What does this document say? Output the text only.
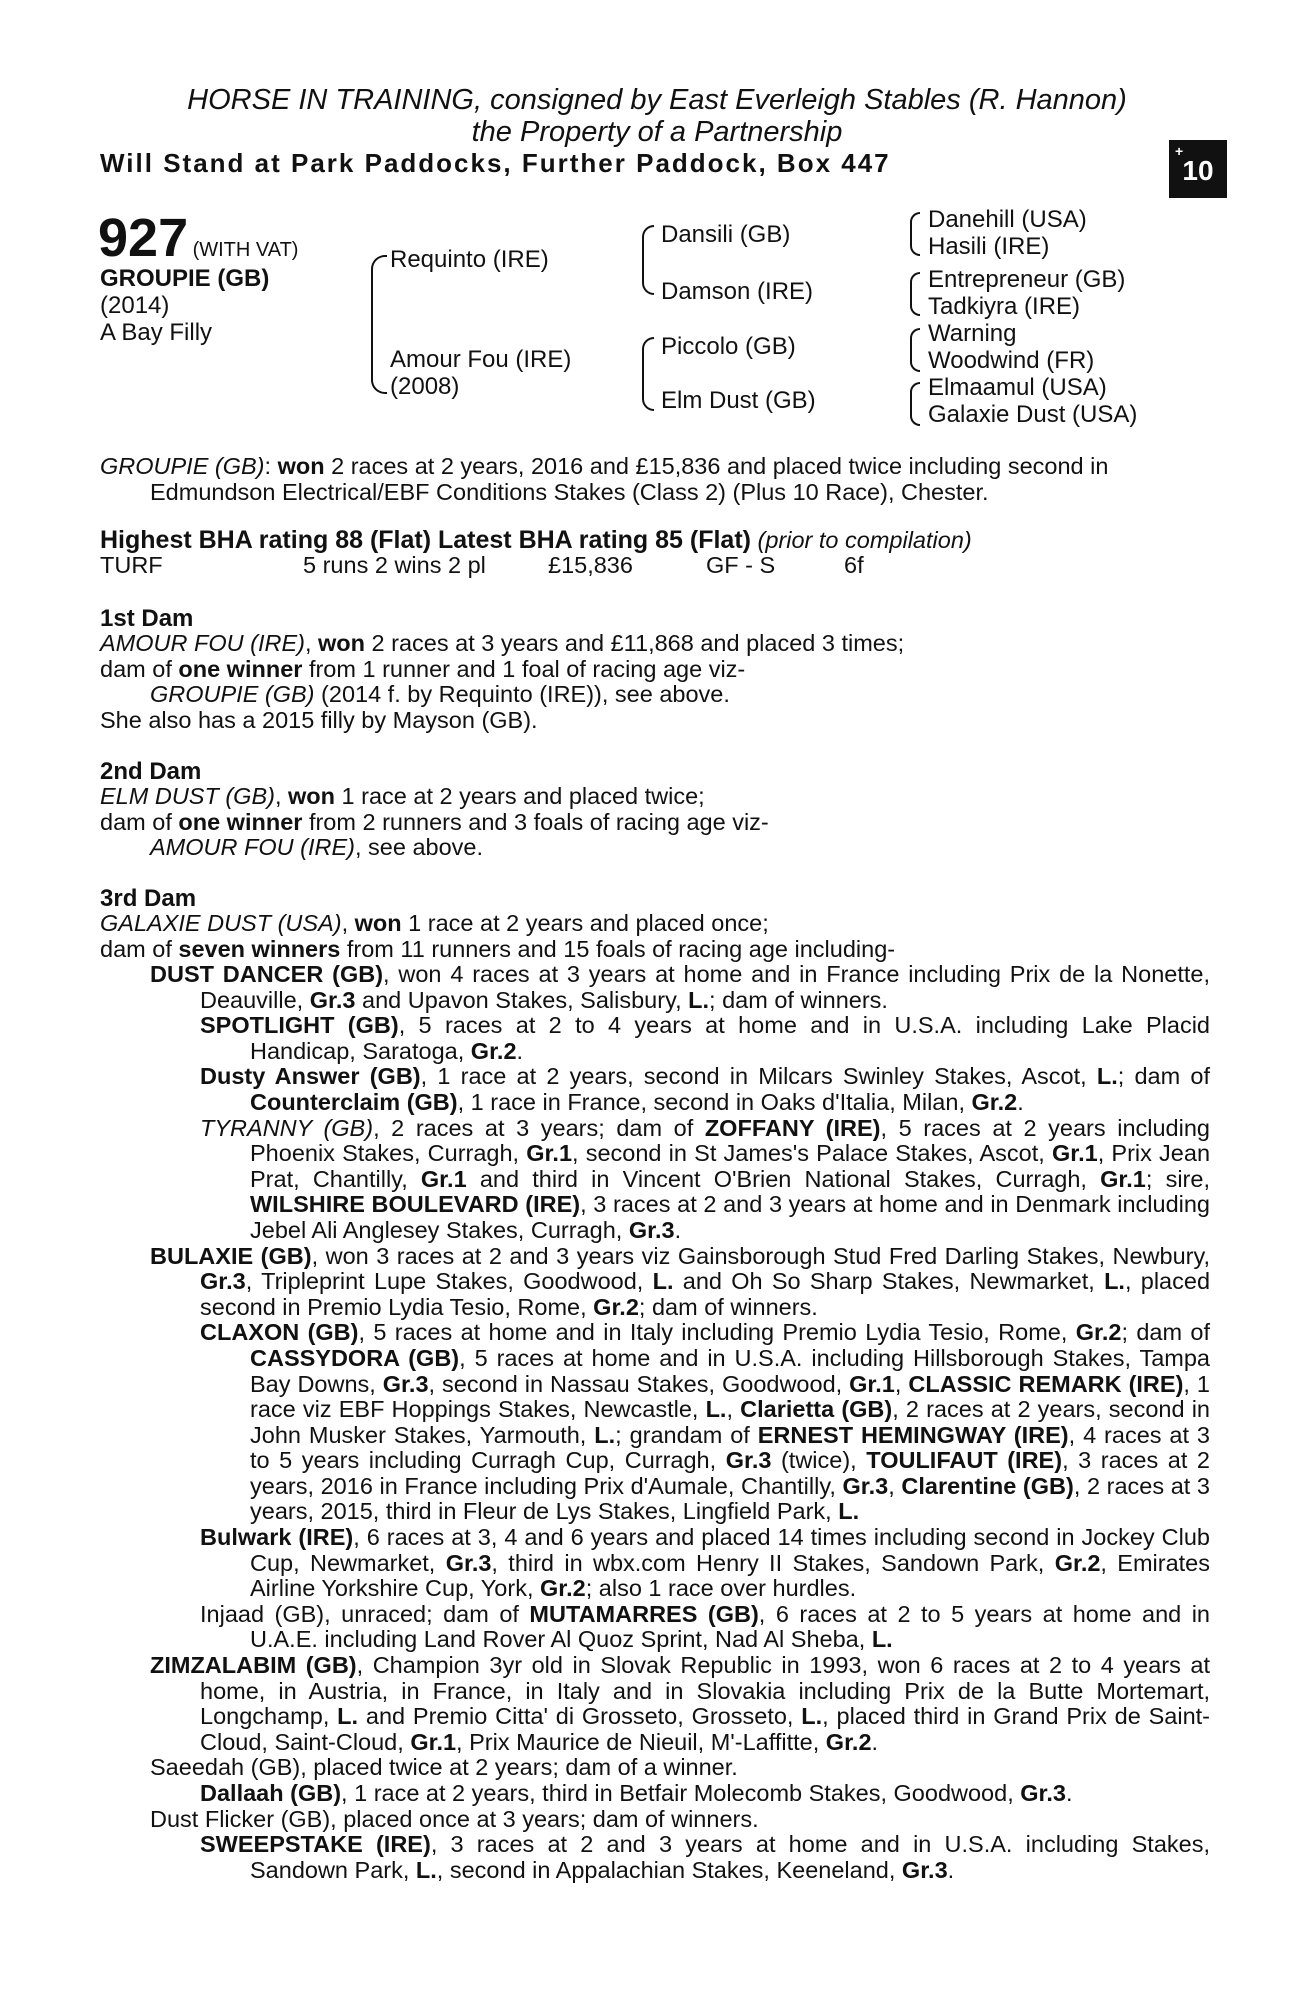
HORSE IN TRAINING, consigned by East Everleigh Stables (R. Hannon)
the Property of a Partnership
Will Stand at Park Paddocks, Further Paddock, Box 447	+
10
927 (WITH VAT)
GROUPIE (GB)
(2014)
A Bay Filly
Requinto (IRE)
Amour Fou (IRE)
(2008)
Dansili (GB)
Damson (IRE)
Piccolo (GB)
Elm Dust (GB)
Danehill (USA)
Hasili (IRE)
Entrepreneur (GB)
Tadkiyra (IRE)
Warning
Woodwind (FR)
Elmaamul (USA)
Galaxie Dust (USA)
GROUPIE (GB): won 2 races at 2 years, 2016 and £15,836 and placed twice including second in Edmundson Electrical/EBF Conditions Stakes (Class 2) (Plus 10 Race), Chester.
Highest BHA rating 88 (Flat) Latest BHA rating 85 (Flat) (prior to compilation)
TURF	5 runs 2 wins 2 pl	£15,836	GF - S	6f
1st Dam
AMOUR FOU (IRE), won 2 races at 3 years and £11,868 and placed 3 times;
dam of one winner from 1 runner and 1 foal of racing age viz-
GROUPIE (GB) (2014 f. by Requinto (IRE)), see above.
She also has a 2015 filly by Mayson (GB).
2nd Dam
ELM DUST (GB), won 1 race at 2 years and placed twice;
dam of one winner from 2 runners and 3 foals of racing age viz-
AMOUR FOU (IRE), see above.
3rd Dam
GALAXIE DUST (USA), won 1 race at 2 years and placed once;
dam of seven winners from 11 runners and 15 foals of racing age including-
DUST DANCER (GB), won 4 races at 3 years at home and in France including Prix de la Nonette, Deauville, Gr.3 and Upavon Stakes, Salisbury, L.; dam of winners.
SPOTLIGHT (GB), 5 races at 2 to 4 years at home and in U.S.A. including Lake Placid Handicap, Saratoga, Gr.2.
Dusty Answer (GB), 1 race at 2 years, second in Milcars Swinley Stakes, Ascot, L.; dam of Counterclaim (GB), 1 race in France, second in Oaks d'Italia, Milan, Gr.2.
TYRANNY (GB), 2 races at 3 years; dam of ZOFFANY (IRE), 5 races at 2 years including Phoenix Stakes, Curragh, Gr.1, second in St James's Palace Stakes, Ascot, Gr.1, Prix Jean Prat, Chantilly, Gr.1 and third in Vincent O'Brien National Stakes, Curragh, Gr.1; sire, WILSHIRE BOULEVARD (IRE), 3 races at 2 and 3 years at home and in Denmark including Jebel Ali Anglesey Stakes, Curragh, Gr.3.
BULAXIE (GB), won 3 races at 2 and 3 years viz Gainsborough Stud Fred Darling Stakes, Newbury, Gr.3, Tripleprint Lupe Stakes, Goodwood, L. and Oh So Sharp Stakes, Newmarket, L., placed second in Premio Lydia Tesio, Rome, Gr.2; dam of winners.
CLAXON (GB), 5 races at home and in Italy including Premio Lydia Tesio, Rome, Gr.2; dam of CASSYDORA (GB), 5 races at home and in U.S.A. including Hillsborough Stakes, Tampa Bay Downs, Gr.3, second in Nassau Stakes, Goodwood, Gr.1, CLASSIC REMARK (IRE), 1 race viz EBF Hoppings Stakes, Newcastle, L., Clarietta (GB), 2 races at 2 years, second in John Musker Stakes, Yarmouth, L.; grandam of ERNEST HEMINGWAY (IRE), 4 races at 3 to 5 years including Curragh Cup, Curragh, Gr.3 (twice), TOULIFAUT (IRE), 3 races at 2 years, 2016 in France including Prix d'Aumale, Chantilly, Gr.3, Clarentine (GB), 2 races at 3 years, 2015, third in Fleur de Lys Stakes, Lingfield Park, L.
Bulwark (IRE), 6 races at 3, 4 and 6 years and placed 14 times including second in Jockey Club Cup, Newmarket, Gr.3, third in wbx.com Henry II Stakes, Sandown Park, Gr.2, Emirates Airline Yorkshire Cup, York, Gr.2; also 1 race over hurdles.
Injaad (GB), unraced; dam of MUTAMARRES (GB), 6 races at 2 to 5 years at home and in U.A.E. including Land Rover Al Quoz Sprint, Nad Al Sheba, L.
ZIMZALABIM (GB), Champion 3yr old in Slovak Republic in 1993, won 6 races at 2 to 4 years at home, in Austria, in France, in Italy and in Slovakia including Prix de la Butte Mortemart, Longchamp, L. and Premio Citta' di Grosseto, Grosseto, L., placed third in Grand Prix de Saint-Cloud, Saint-Cloud, Gr.1, Prix Maurice de Nieuil, M'-Laffitte, Gr.2.
Saeedah (GB), placed twice at 2 years; dam of a winner.
Dallaah (GB), 1 race at 2 years, third in Betfair Molecomb Stakes, Goodwood, Gr.3.
Dust Flicker (GB), placed once at 3 years; dam of winners.
SWEEPSTAKE (IRE), 3 races at 2 and 3 years at home and in U.S.A. including Stakes, Sandown Park, L., second in Appalachian Stakes, Keeneland, Gr.3.
